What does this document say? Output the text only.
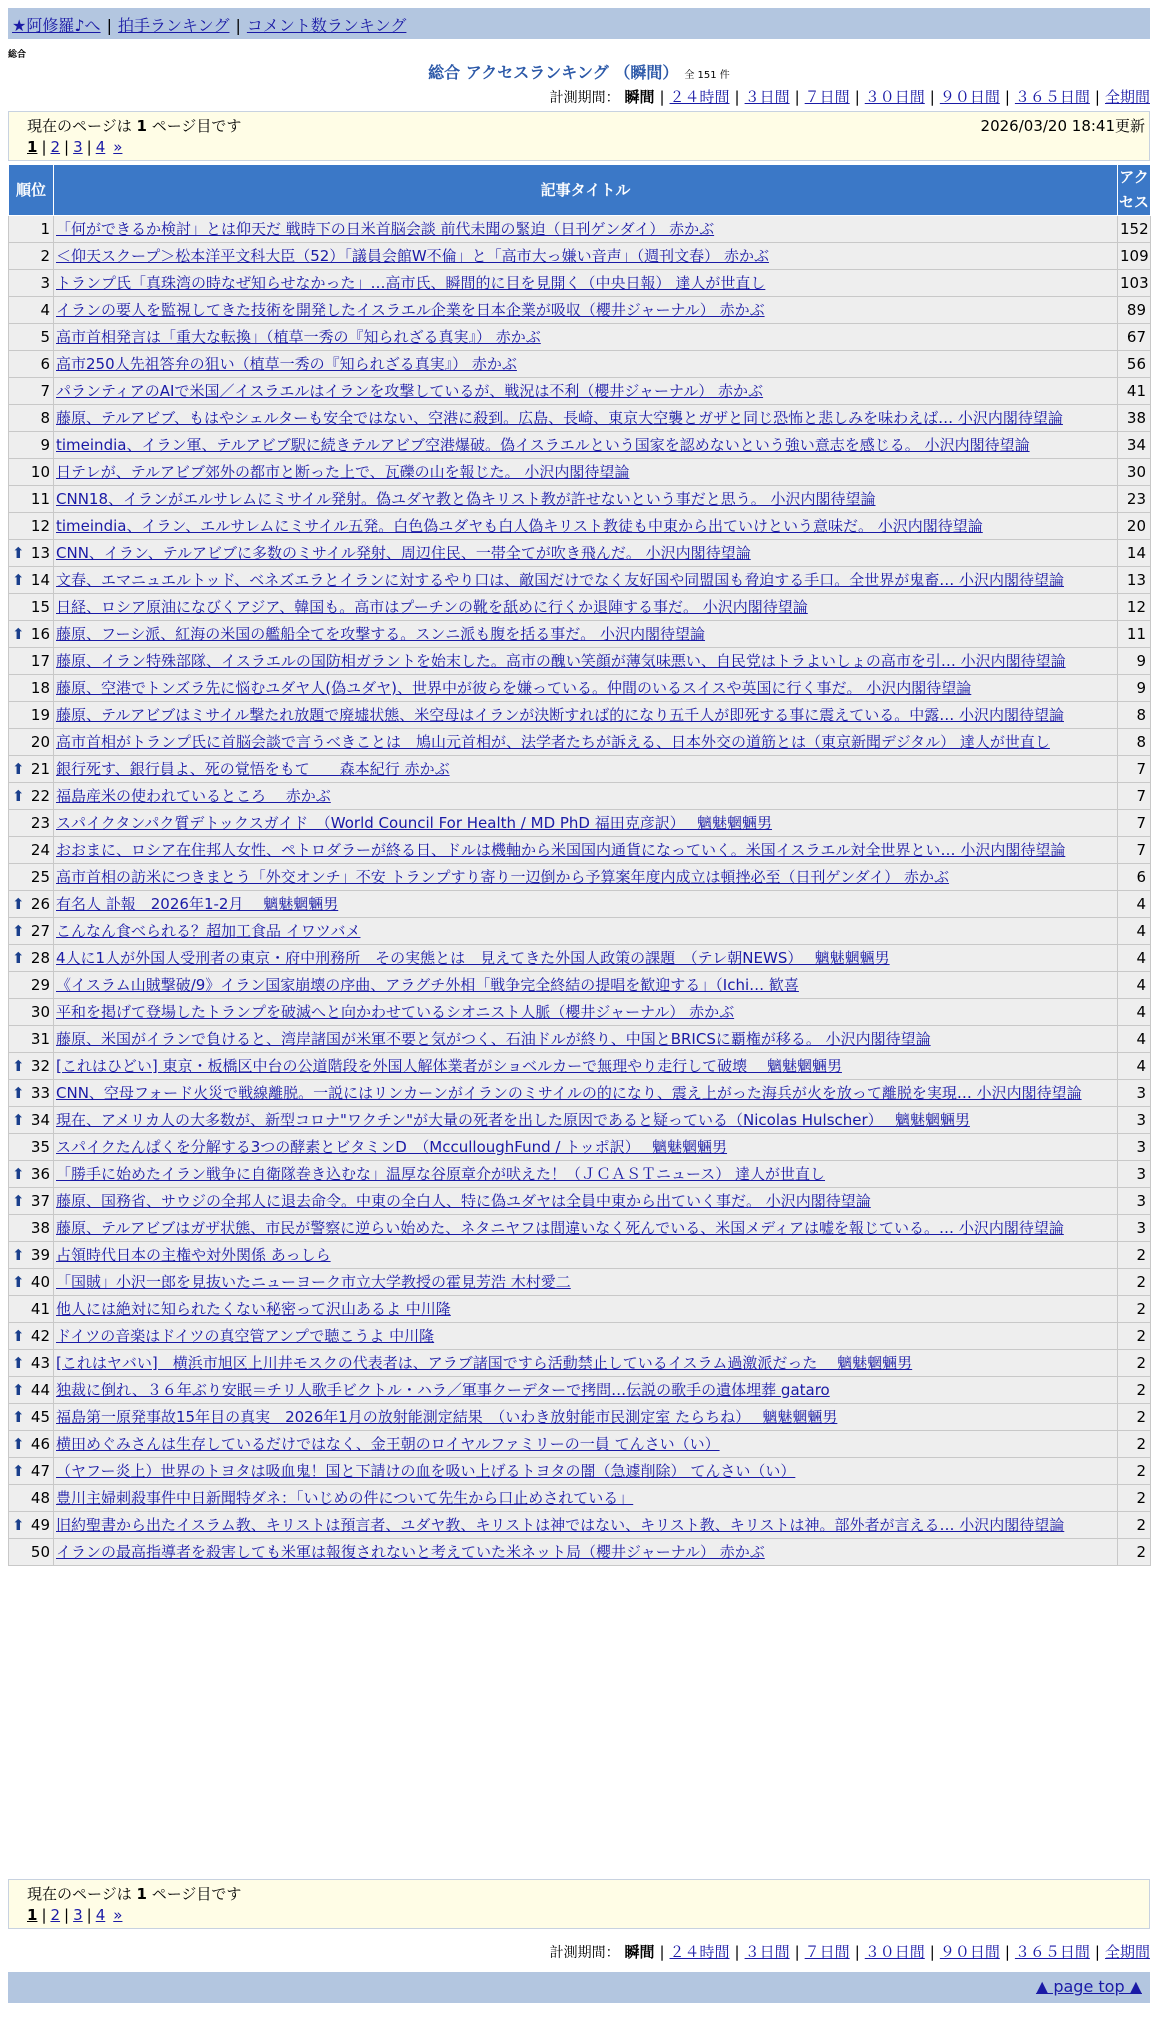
★阿修羅♪へ | 拍手ランキング | コメント数ランキング
総合
総合 アクセスランキング （瞬間） 全 151 件
計測期間： 瞬間 | ２４時間 | ３日間 | ７日間 | ３０日間 | ９０日間 | ３６５日間 | 全期間
現在のページは 1 ページ目です	2026/03/20 18:41更新
1 | 2 | 3 | 4 »
順位	記事タイトル	アクセス
1	「何ができるか検討」とは仰天だ 戦時下の日米首脳会談 前代未聞の緊迫（日刊ゲンダイ） 赤かぶ	152
2	＜仰天スクープ＞松本洋平文科大臣（52）「議員会館W不倫」と「高市大っ嫌い音声」（週刊文春） 赤かぶ	109
3	トランプ氏「真珠湾の時なぜ知らせなかった」…高市氏、瞬間的に目を見開く（中央日報） 達人が世直し	103
4	イランの要人を監視してきた技術を開発したイスラエル企業を日本企業が吸収（櫻井ジャーナル） 赤かぶ	89
5	高市首相発言は「重大な転換」（植草一秀の『知られざる真実』） 赤かぶ	67
6	高市250人先祖答弁の狙い（植草一秀の『知られざる真実』） 赤かぶ	56
7	パランティアのAIで米国／イスラエルはイランを攻撃しているが、戦況は不利（櫻井ジャーナル） 赤かぶ	41
8	藤原、テルアビブ、もはやシェルターも安全ではない、空港に殺到。広島、長崎、東京大空襲とガザと同じ恐怖と悲しみを味わえば… 小沢内閣待望論	38
9	timeindia、イラン軍、テルアビブ駅に続きテルアビブ空港爆破。偽イスラエルという国家を認めないという強い意志を感じる。 小沢内閣待望論	34
10	日テレが、テルアビブ郊外の都市と断った上で、瓦礫の山を報じた。 小沢内閣待望論	30
11	CNN18、イランがエルサレムにミサイル発射。偽ユダヤ教と偽キリスト教が許せないという事だと思う。 小沢内閣待望論	23
12	timeindia、イラン、エルサレムにミサイル五発。白色偽ユダヤも白人偽キリスト教徒も中東から出ていけという意味だ。 小沢内閣待望論	20

⬆ 13	CNN、イラン、テルアビブに多数のミサイル発射、周辺住民、一帯全てが吹き飛んだ。 小沢内閣待望論	14

⬆ 14	文春、エマニュエルトッド、ベネズエラとイランに対するやり口は、敵国だけでなく友好国や同盟国も脅迫する手口。全世界が鬼畜… 小沢内閣待望論	13
15	日経、ロシア原油になびくアジア、韓国も。高市はプーチンの靴を舐めに行くか退陣する事だ。 小沢内閣待望論	12

⬆ 16	藤原、フーシ派、紅海の米国の艦船全てを攻撃する。スンニ派も腹を括る事だ。 小沢内閣待望論	11
17	藤原、イラン特殊部隊、イスラエルの国防相ガラントを始末した。高市の醜い笑顔が薄気味悪い、自民党はトラよいしょの高市を引… 小沢内閣待望論	9
18	藤原、空港でトンズラ先に悩むユダヤ人(偽ユダヤ)、世界中が彼らを嫌っている。仲間のいるスイスや英国に行く事だ。 小沢内閣待望論	9
19	藤原、テルアビブはミサイル撃たれ放題で廃墟状態、米空母はイランが決断すれば的になり五千人が即死する事に震えている。中露… 小沢内閣待望論	8
20	高市首相がトランプ氏に首脳会談で言うべきことは　鳩山元首相が、法学者たちが訴える、日本外交の道筋とは（東京新聞デジタル） 達人が世直し	8

⬆ 21	銀行死す、銀行員よ、死の覚悟をもて　　森本紀行 赤かぶ	7

⬆ 22	福島産米の使われているところ　 赤かぶ	7
23	スパイクタンパク質デトックスガイド　（World Council For Health / MD PhD 福田克彦訳）　 魑魅魍魎男	7
24	おおまに、ロシア在住邦人女性、ペトロダラーが終る日、ドルは機軸から米国国内通貨になっていく。米国イスラエル対全世界とい… 小沢内閣待望論	7
25	高市首相の訪米につきまとう「外交オンチ」不安 トランプすり寄り一辺倒から予算案年度内成立は頓挫必至（日刊ゲンダイ） 赤かぶ	6

⬆ 26	有名人 訃報　2026年1-2月　 魑魅魍魎男	4

⬆ 27	こんなん食べられる？超加工食品 イワツバメ	4

⬆ 28	4人に1人が外国人受刑者の東京・府中刑務所　その実態とは　見えてきた外国人政策の課題　（テレ朝NEWS）　 魑魅魍魎男	4
29	《イスラム山賊撃破/9》イラン国家崩壊の序曲、アラグチ外相「戦争完全終結の提唱を歓迎する」（Ichi… 歓喜	4
30	平和を掲げて登場したトランプを破滅へと向かわせているシオニスト人脈（櫻井ジャーナル） 赤かぶ	4
31	藤原、米国がイランで負けると、湾岸諸国が米軍不要と気がつく、石油ドルが終り、中国とBRICSに覇権が移る。 小沢内閣待望論	4

⬆ 32	[これはひどい] 東京・板橋区中台の公道階段を外国人解体業者がショベルカーで無理やり走行して破壊　 魑魅魍魎男	4

⬆ 33	CNN、空母フォード火災で戦線離脱。一説にはリンカーンがイランのミサイルの的になり、震え上がった海兵が火を放って離脱を実現… 小沢内閣待望論	3

⬆ 34	現在、アメリカ人の大多数が、新型コロナ"ワクチン"が大量の死者を出した原因であると疑っている（Nicolas Hulscher）　 魑魅魍魎男	3
35	スパイクたんぱくを分解する3つの酵素とビタミンD　（McculloughFund / トッポ訳）　 魑魅魍魎男	3

⬆ 36	「勝手に始めたイラン戦争に自衛隊巻き込むな」温厚な谷原章介が吠えた！（ＪＣＡＳＴニュース） 達人が世直し	3

⬆ 37	藤原、国務省、サウジの全邦人に退去命令。中東の全白人、特に偽ユダヤは全員中東から出ていく事だ。 小沢内閣待望論	3
38	藤原、テルアビブはガザ状態、市民が警察に逆らい始めた、ネタニヤフは間違いなく死んでいる、米国メディアは嘘を報じている。… 小沢内閣待望論	3

⬆ 39	占領時代日本の主権や対外関係 あっしら	2

⬆ 40	「国賊」小沢一郎を見抜いたニューヨーク市立大学教授の霍見芳浩 木村愛二	2
41	他人には絶対に知られたくない秘密って沢山あるよ 中川隆	2

⬆ 42	ドイツの音楽はドイツの真空管アンプで聴こうよ 中川隆	2

⬆ 43	[これはヤバい]　横浜市旭区上川井モスクの代表者は、アラブ諸国ですら活動禁止しているイスラム過激派だった　 魑魅魍魎男	2

⬆ 44	独裁に倒れ、３６年ぶり安眠＝チリ人歌手ビクトル・ハラ／軍事クーデターで拷問…伝説の歌手の遺体埋葬 gataro	2

⬆ 45	福島第一原発事故15年目の真実　2026年1月の放射能測定結果　（いわき放射能市民測定室 たらちね）　 魑魅魍魎男	2

⬆ 46	横田めぐみさんは生存しているだけではなく、金王朝のロイヤルファミリーの一員 てんさい（い）	2

⬆ 47	（ヤフー炎上）世界のトヨタは吸血鬼！国と下請けの血を吸い上げるトヨタの闇（急遽削除） てんさい（い）	2
48	豊川主婦刺殺事件中日新聞特ダネ：「いじめの件について先生から口止めされている」	2

⬆ 49	旧約聖書から出たイスラム教、キリストは預言者、ユダヤ教、キリストは神ではない、キリスト教、キリストは神。部外者が言える… 小沢内閣待望論	2
50	イランの最高指導者を殺害しても米軍は報復されないと考えていた米ネット局（櫻井ジャーナル） 赤かぶ	2
現在のページは 1 ページ目です
1 | 2 | 3 | 4 »
計測期間： 瞬間 | ２４時間 | ３日間 | ７日間 | ３０日間 | ９０日間 | ３６５日間 | 全期間
▲ page top ▲
